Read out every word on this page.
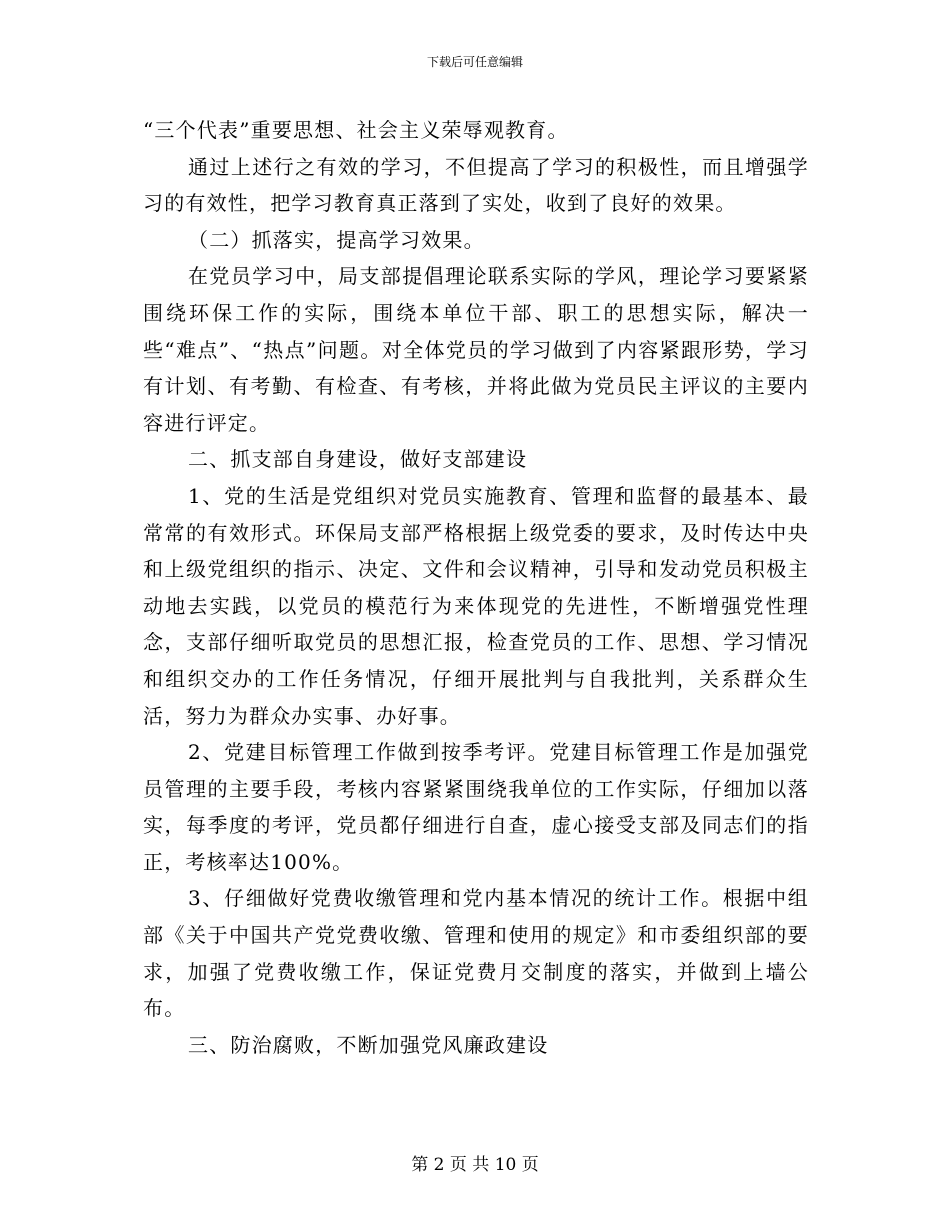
下载后可任意编辑

“三个代表”重要思想、社会主义荣辱观教育。

通过上述行之有效的学习，不但提高了学习的积极性，而且增强学习的有效性，把学习教育真正落到了实处，收到了良好的效果。

（二）抓落实，提高学习效果。

在党员学习中，局支部提倡理论联系实际的学风，理论学习要紧紧围绕环保工作的实际，围绕本单位干部、职工的思想实际，解决一些“难点”、“热点”问题。对全体党员的学习做到了内容紧跟形势，学习有计划、有考勤、有检查、有考核，并将此做为党员民主评议的主要内容进行评定。

二、抓支部自身建设，做好支部建设

1、党的生活是党组织对党员实施教育、管理和监督的最基本、最常常的有效形式。环保局支部严格根据上级党委的要求，及时传达中央和上级党组织的指示、决定、文件和会议精神，引导和发动党员积极主动地去实践，以党员的模范行为来体现党的先进性，不断增强党性理念，支部仔细听取党员的思想汇报，检查党员的工作、思想、学习情况和组织交办的工作任务情况，仔细开展批判与自我批判，关系群众生活，努力为群众办实事、办好事。

2、党建目标管理工作做到按季考评。党建目标管理工作是加强党员管理的主要手段，考核内容紧紧围绕我单位的工作实际，仔细加以落实，每季度的考评，党员都仔细进行自查，虚心接受支部及同志们的指正，考核率达100%。

3、仔细做好党费收缴管理和党内基本情况的统计工作。根据中组部《关于中国共产党党费收缴、管理和使用的规定》和市委组织部的要求，加强了党费收缴工作，保证党费月交制度的落实，并做到上墙公布。

三、防治腐败，不断加强党风廉政建设

第 2 页 共 10 页
